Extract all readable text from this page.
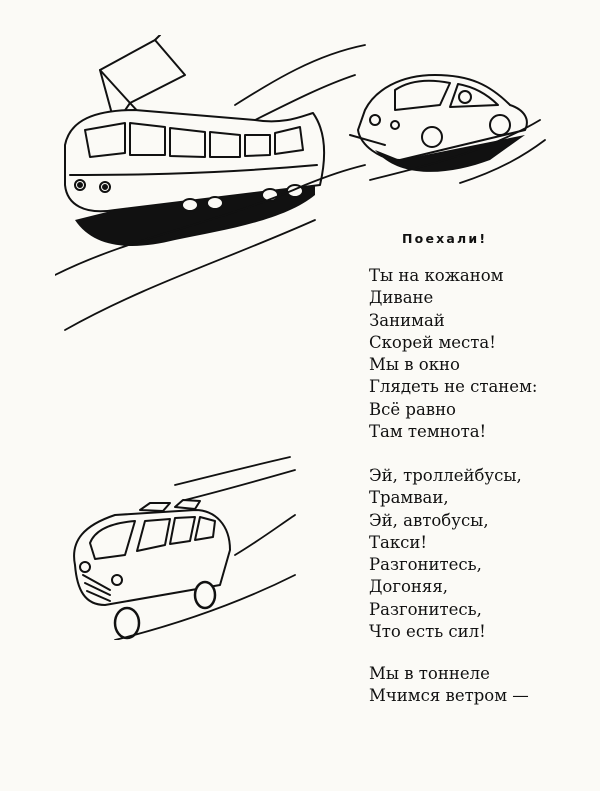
Поехали!
Ты на кожаном
Диване
Занимай
Скорей места!
Мы в окно
Глядеть не станем:
Всё равно
Там темнота!
Эй, троллейбусы,
Трамваи,
Эй, автобусы,
Такси!
Разгонитесь,
Догоняя,
Разгонитесь,
Что есть сил!
Мы в тоннеле
Мчимся ветром —
